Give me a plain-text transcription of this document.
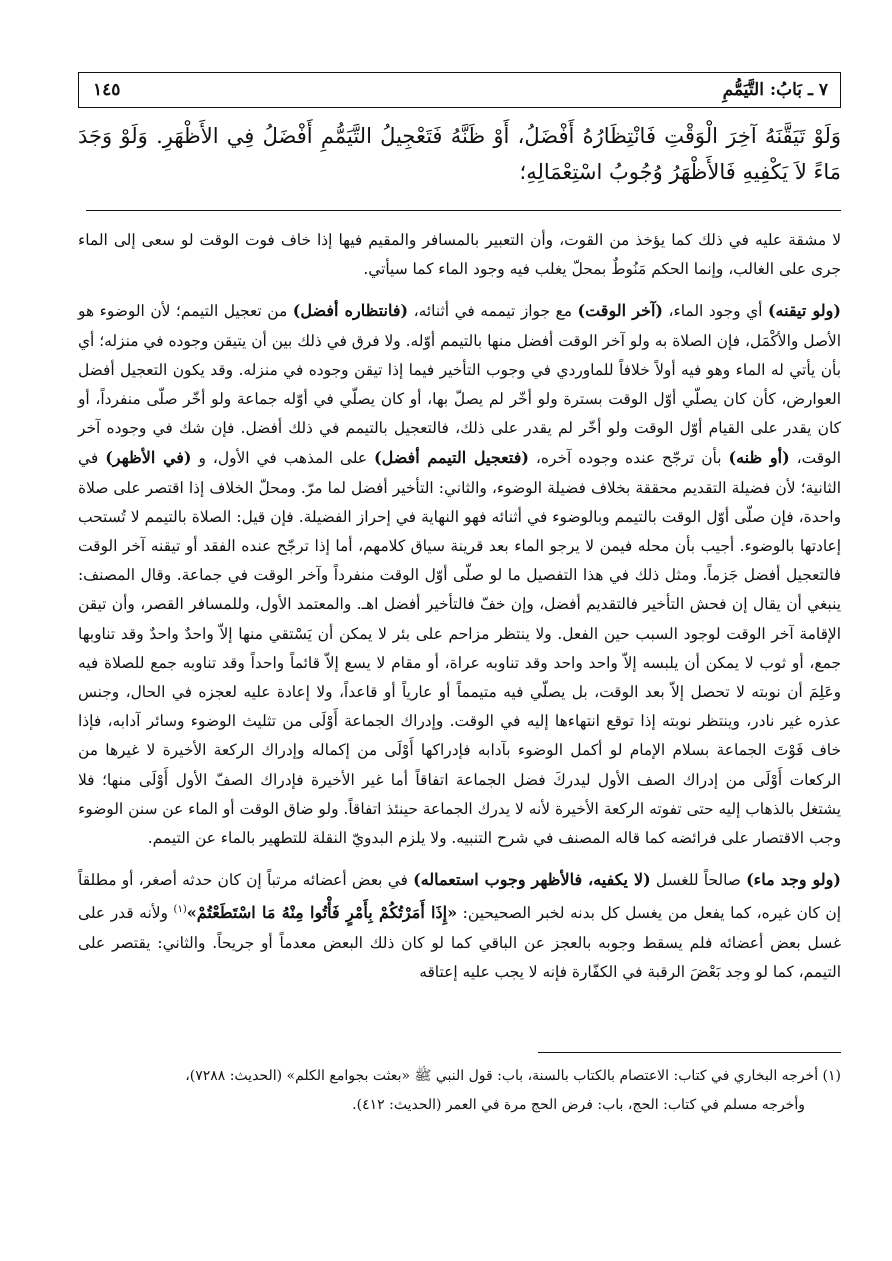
٧ ـ بَابُ: التَّيَمُّمِ
١٤٥
وَلَوْ تَيَقَّنَهُ آخِرَ الْوَقْتِ فَانْتِظَارُهُ أَفْضَلُ، أَوْ ظَنَّهُ فَتَعْجِيلُ التَّيَمُّمِ أَفْضَلُ فِي الأَظْهَرِ. وَلَوْ وَجَدَ مَاءً لاَ يَكْفِيهِ فَالأَظْهَرُ وُجُوبُ اسْتِعْمَالِهِ؛

لا مشقة عليه في ذلك كما يؤخذ من القوت، وأن التعبير بالمسافر والمقيم فيها إذا خاف فوت الوقت لو سعى إلى الماء جرى على الغالب، وإنما الحكم مَنُوطٌ بمحلّ يغلب فيه وجود الماء كما سيأتي.

(ولو تيقنه) أي وجود الماء، (آخر الوقت) مع جواز تيممه في أثنائه، (فانتظاره أفضل) من تعجيل التيمم؛ لأن الوضوء هو الأصل والأكْمَل، فإن الصلاة به ولو آخر الوقت أفضل منها بالتيمم أوّله. ولا فرق في ذلك بين أن يتيقن وجوده في منزله؛ أي بأن يأتي له الماء وهو فيه أولاً خلافاً للماوردي في وجوب التأخير فيما إذا تيقن وجوده في منزله. وقد يكون التعجيل أفضل العوارض، كأن كان يصلّي أوّل الوقت بسترة ولو أخّر لم يصلّ بها، أو كان يصلّي في أوّله جماعة ولو أخّر صلّى منفرداً، أو كان يقدر على القيام أوّل الوقت ولو أخّر لم يقدر على ذلك، فالتعجيل بالتيمم في ذلك أفضل. فإن شك في وجوده آخر الوقت، (أو ظنه) بأن ترجّح عنده وجوده آخره، (فتعجيل التيمم أفضل) على المذهب في الأول، و (في الأظهر) في الثانية؛ لأن فضيلة التقديم محققة بخلاف فضيلة الوضوء، والثاني: التأخير أفضل لما مرّ. ومحلّ الخلاف إذا اقتصر على صلاة واحدة، فإن صلّى أوّل الوقت بالتيمم وبالوضوء في أثنائه فهو النهاية في إحراز الفضيلة. فإن قيل: الصلاة بالتيمم لا تُستحب إعادتها بالوضوء. أجيب بأن محله فيمن لا يرجو الماء بعد قرينة سياق كلامهم، أما إذا ترجّح عنده الفقد أو تيقنه آخر الوقت فالتعجيل أفضل جَزماً. ومثل ذلك في هذا التفصيل ما لو صلّى أوّل الوقت منفرداً وآخر الوقت في جماعة. وقال المصنف: ينبغي أن يقال إن فحش التأخير فالتقديم أفضل، وإن خفّ فالتأخير أفضل اهـ. والمعتمد الأول، وللمسافر القصر، وأن تيقن الإقامة آخر الوقت لوجود السبب حين الفعل. ولا ينتظر مزاحم على بئر لا يمكن أن يَسْتقي منها إلاّ واحدٌ واحدٌ وقد تناوبها جمع، أو ثوب لا يمكن أن يلبسه إلاّ واحد واحد وقد تناوبه عراة، أو مقام لا يسع إلاّ قائماً واحداً وقد تناوبه جمع للصلاة فيه وعَلِمَ أن نوبته لا تحصل إلاّ بعد الوقت، بل يصلّي فيه متيمماً أو عارياً أو قاعداً، ولا إعادة عليه لعجزه في الحال، وجنس عذره غير نادر، وينتظر نوبته إذا توقع انتهاءها إليه في الوقت. وإدراك الجماعة أَوْلَى من تثليث الوضوء وسائر آدابه، فإذا خاف فَوْتَ الجماعة بسلام الإمام لو أكمل الوضوء بآدابه فإدراكها أَوْلَى من إكماله وإدراك الركعة الأخيرة لا غيرها من الركعات أَوْلَى من إدراك الصف الأول ليدركَ فضل الجماعة اتفاقاً أما غير الأخيرة فإدراك الصفّ الأول أَوْلَى منها؛ فلا يشتغل بالذهاب إليه حتى تفوته الركعة الأخيرة لأنه لا يدرك الجماعة حينئذ اتفاقاً. ولو ضاق الوقت أو الماء عن سنن الوضوء وجب الاقتصار على فرائضه كما قاله المصنف في شرح التنبيه. ولا يلزم البدويّ النقلة للتطهير بالماء عن التيمم.

(ولو وجد ماء) صالحاً للغسل (لا يكفيه، فالأظهر وجوب استعماله) في بعض أعضائه مرتباً إن كان حدثه أصغر، أو مطلقاً إن كان غيره، كما يفعل من يغسل كل بدنه لخبر الصحيحين: «إِذَا أَمَرْتُكُمْ بِأَمْرٍ فَأْتُوا مِنْهُ مَا اسْتَطَعْتُمْ»$^{(١)}$ ولأنه قدر على غسل بعض أعضائه فلم يسقط وجوبه بالعجز عن الباقي كما لو كان ذلك البعض معدماً أو جريحاً. والثاني: يقتصر على التيمم، كما لو وجد بَعْضَ الرقبة في الكفّارة فإنه لا يجب عليه إعتاقه

(١) أخرجه البخاري في كتاب: الاعتصام بالكتاب بالسنة، باب: قول النبي ﷺ «بعثت بجوامع الكلم» (الحديث: ٧٢٨٨)،
وأخرجه مسلم في كتاب: الحج، باب: فرض الحج مرة في العمر (الحديث: ٤١٢).
